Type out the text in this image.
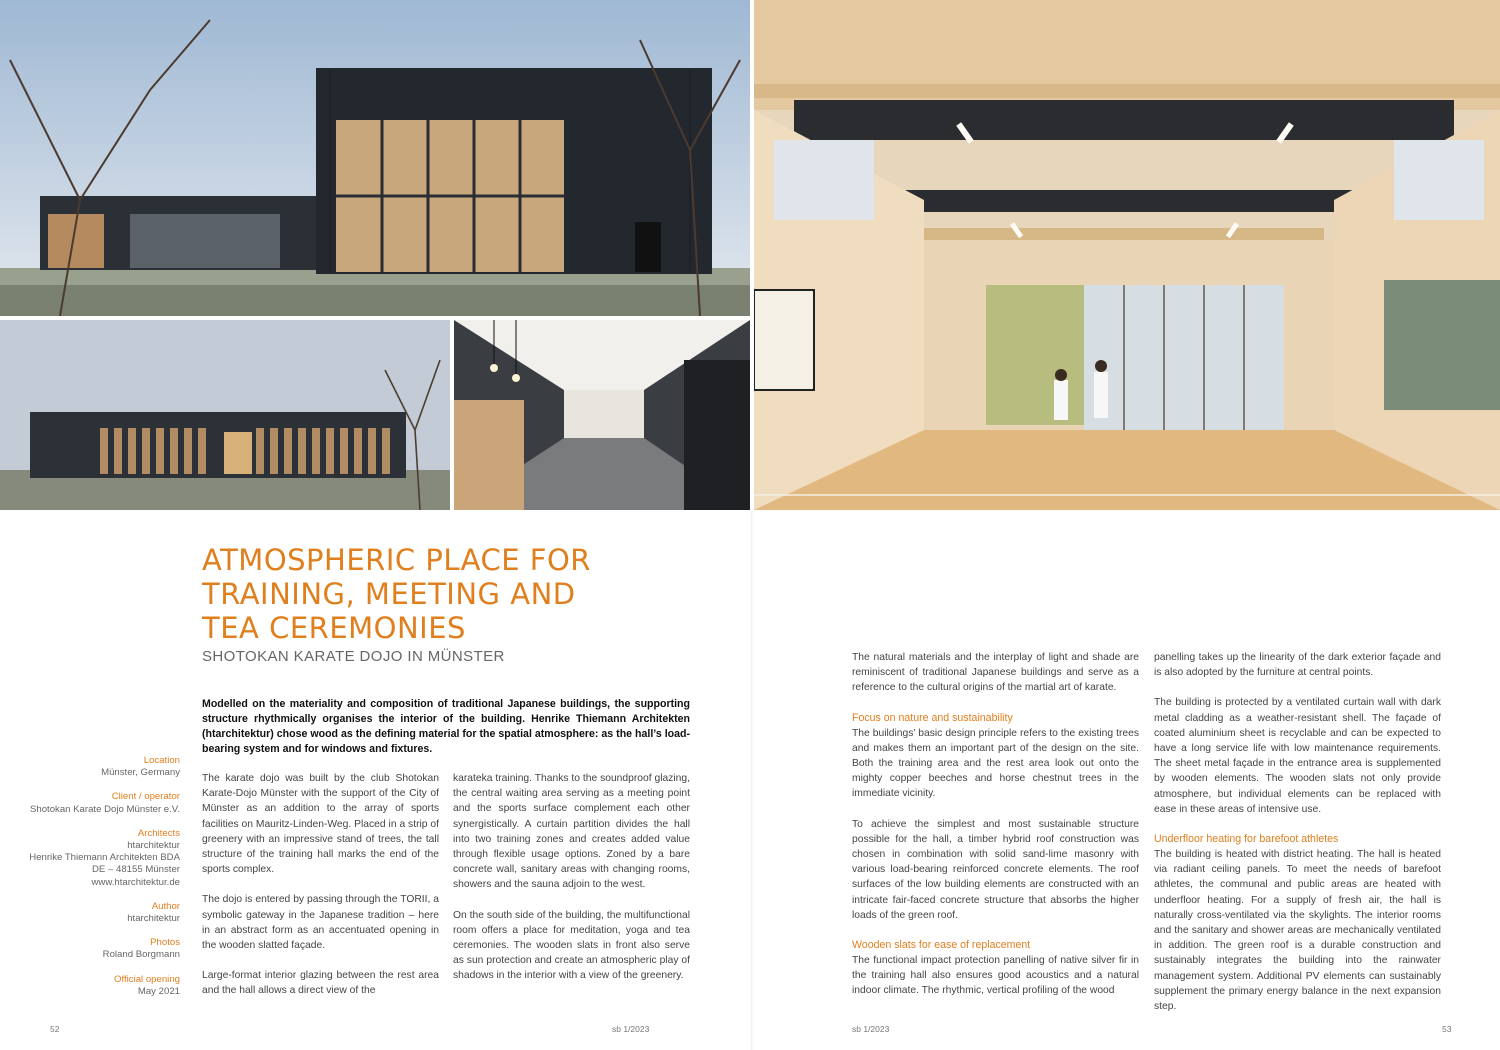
ATMOSPHERIC PLACE FOR
TRAINING, MEETING AND
TEA CEREMONIES
SHOTOKAN KARATE DOJO IN MÜNSTER

Modelled on the materiality and composition of traditional Japanese buildings, the supporting structure rhythmically organises the interior of the building. Henrike Thiemann Architekten (htarchitektur) chose wood as the defining material for the spatial atmosphere: as the hall’s load-bearing system and for windows and fixtures.

Location
Münster, Germany
Client / operator
Shotokan Karate Dojo Münster e.V.
Architects
htarchitektur
Henrike Thiemann Architekten BDA
DE – 48155 Münster
www.htarchitektur.de
Author
htarchitektur
Photos
Roland Borgmann
Official opening
May 2021

The karate dojo was built by the club Shotokan Karate-Dojo Münster with the support of the City of Münster as an addition to the array of sports facilities on Mauritz-Linden-Weg. Placed in a strip of greenery with an impressive stand of trees, the tall structure of the training hall marks the end of the sports complex.

The dojo is entered by passing through the TORII, a symbolic gateway in the Japanese tradition – here in an abstract form as an accentuated opening in the wooden slatted façade.

Large-format interior glazing between the rest area and the hall allows a direct view of the

karateka training. Thanks to the soundproof glazing, the central waiting area serving as a meeting point and the sports surface complement each other synergistically. A curtain partition divides the hall into two training zones and creates added value through flexible usage options. Zoned by a bare concrete wall, sanitary areas with changing rooms, showers and the sauna adjoin to the west.

On the south side of the building, the multifunctional room offers a place for meditation, yoga and tea ceremonies. The wooden slats in front also serve as sun protection and create an atmospheric play of shadows in the interior with a view of the greenery.

The natural materials and the interplay of light and shade are reminiscent of traditional Japanese buildings and serve as a reference to the cultural origins of the martial art of karate.

Focus on nature and sustainability

The buildings’ basic design principle refers to the existing trees and makes them an important part of the design on the site. Both the training area and the rest area look out onto the mighty copper beeches and horse chestnut trees in the immediate vicinity.

To achieve the simplest and most sustainable structure possible for the hall, a timber hybrid roof construction was chosen in combination with solid sand-lime masonry with various load-bearing reinforced concrete elements. The roof surfaces of the low building elements are constructed with an intricate fair-faced concrete structure that absorbs the higher loads of the green roof.

Wooden slats for ease of replacement

The functional impact protection panelling of native silver fir in the training hall also ensures good acoustics and a natural indoor climate. The rhythmic, vertical profiling of the wood

panelling takes up the linearity of the dark exterior façade and is also adopted by the furniture at central points.

The building is protected by a ventilated curtain wall with dark metal cladding as a weather-resistant shell. The façade of coated aluminium sheet is recyclable and can be expected to have a long service life with low maintenance requirements. The sheet metal façade in the entrance area is supplemented by wooden elements. The wooden slats not only provide atmosphere, but individual elements can be replaced with ease in these areas of intensive use.

Underfloor heating for barefoot athletes

The building is heated with district heating. The hall is heated via radiant ceiling panels. To meet the needs of barefoot athletes, the communal and public areas are heated with underfloor heating. For a supply of fresh air, the hall is naturally cross-ventilated via the skylights. The interior rooms and the sanitary and shower areas are mechanically ventilated in addition. The green roof is a durable construction and sustainably integrates the building into the rainwater management system. Additional PV elements can sustainably supplement the primary energy balance in the next expansion step.

52	sb 1/2023	sb 1/2023	53
